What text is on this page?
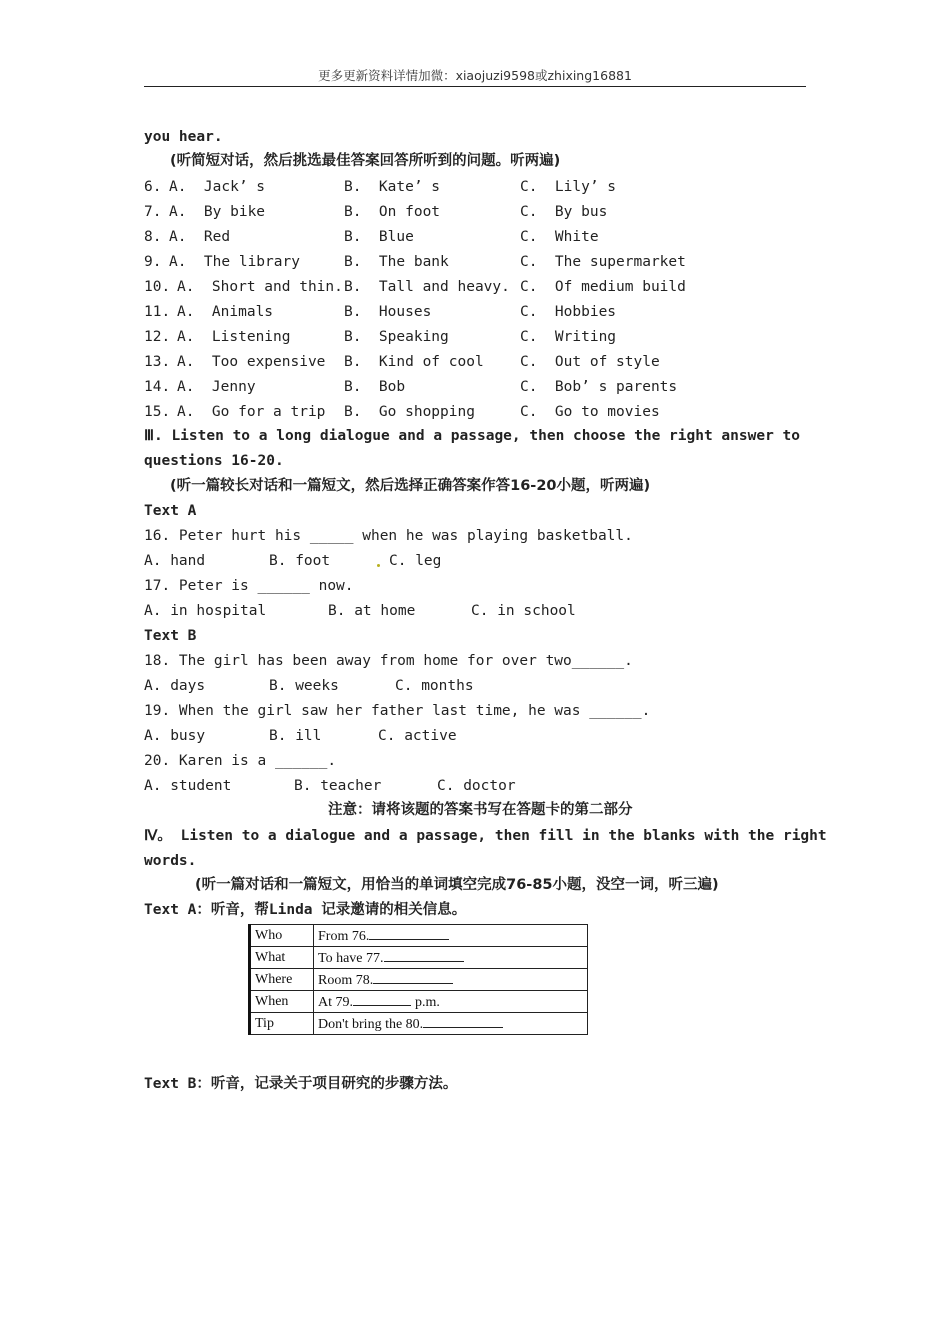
更多更新资料详情加微：xiaojuzi9598或zhixing16881
you hear.
(听简短对话，然后挑选最佳答案回答所听到的问题。听两遍)
6. A.  Jack’ s	B.  Kate’ s	C.  Lily’ s
7. A.  By bike	B.  On foot	C.  By bus
8. A.  Red	B.  Blue	C.  White
9. A.  The library	B.  The bank	C.  The supermarket
10. A.  Short and thin. B.  Tall and heavy. C.  Of medium build
11. A.  Animals	B.  Houses	C.  Hobbies
12. A.  Listening	B.  Speaking	C.  Writing
13. A.  Too expensive B.  Kind of cool	C.  Out of style
14. A.  Jenny	B.  Bob	C.  Bob’ s parents
15. A.  Go for a trip B.  Go shopping	C.  Go to movies
Ⅲ. Listen to a long dialogue and a passage, then choose the right answer to
questions 16-20.
(听一篇较长对话和一篇短文，然后选择正确答案作答16-20小题，听两遍)
Text A
16. Peter hurt his _____ when he was playing basketball.
A. hand	B. foot	C. leg
17. Peter is ______ now.
A. in hospital	B. at home	C. in school
Text B
18. The girl has been away from home for over two______.
A. days	B. weeks	C. months
19. When the girl saw her father last time, he was ______.
A. busy	B. ill	C. active
20. Karen is a ______.
A. student	B. teacher	C. doctor
注意：请将该题的答案书写在答题卡的第二部分
Ⅳ。 Listen to a dialogue and a passage, then fill in the blanks with the right
words.
(听一篇对话和一篇短文，用恰当的单词填空完成76-85小题，没空一词，听三遍)
Text A：听音，帮Linda 记录邀请的相关信息。
Who	From 76.
What	To have 77.
Where	Room 78.
When	At 79. p.m.
Tip	Don't bring the 80.
Text B：听音，记录关于项目研究的步骤方法。
